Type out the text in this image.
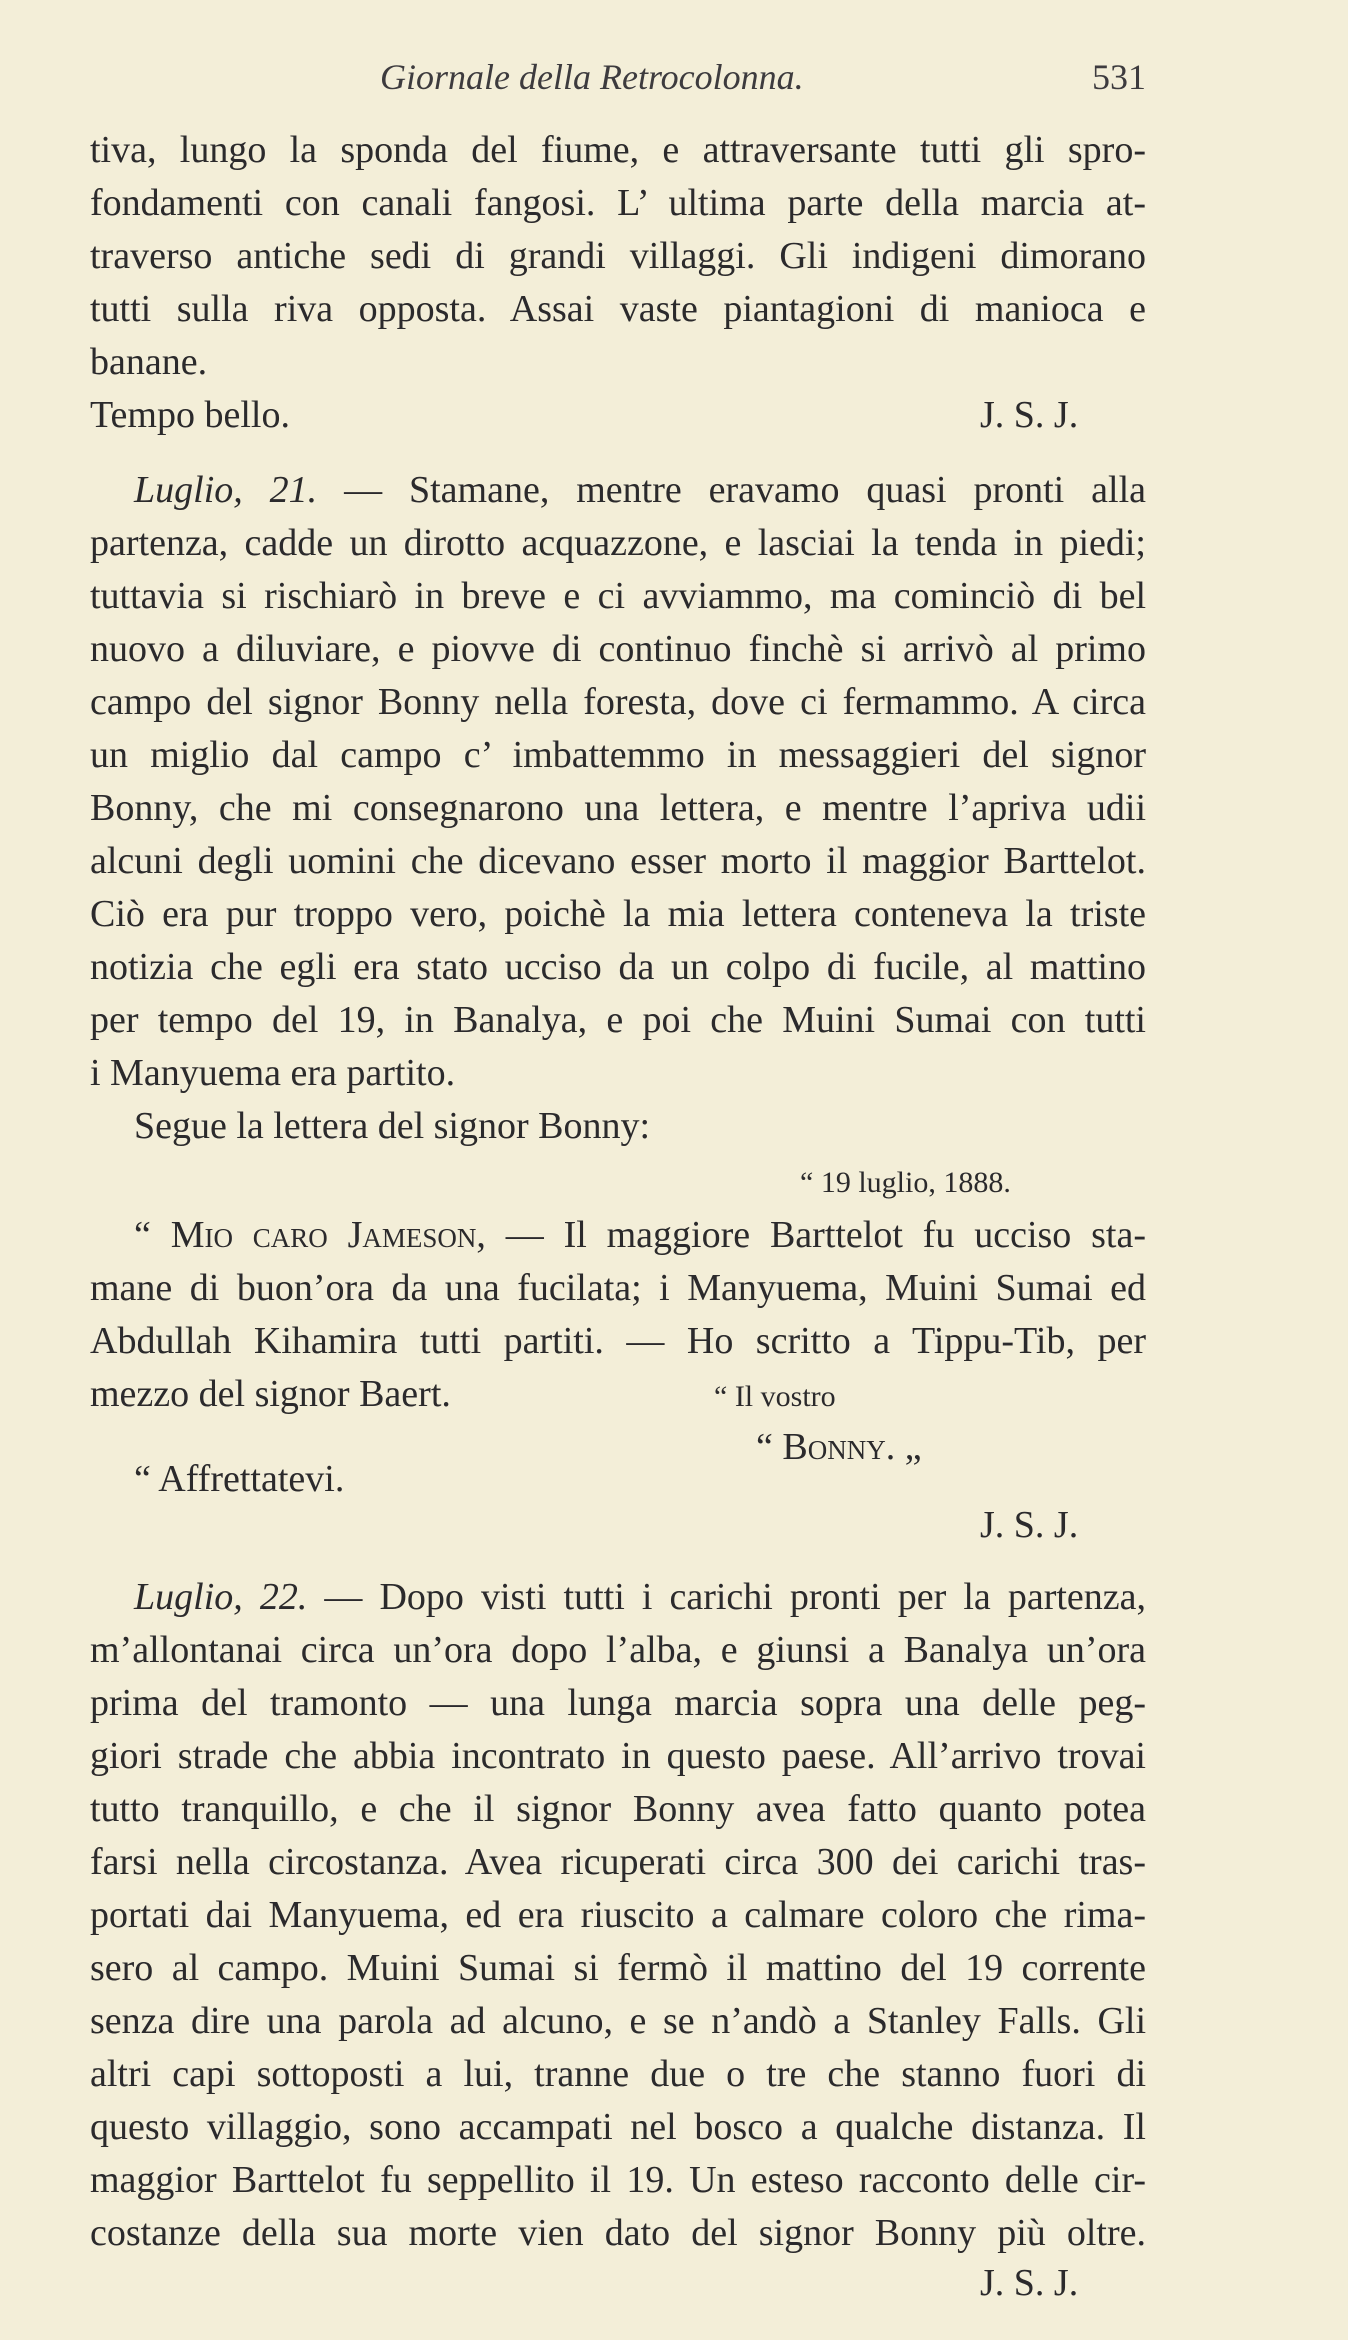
Giornale della Retrocolonna.	531
tiva, lungo la sponda del fiume, e attraversante tutti gli spro-
fondamenti con canali fangosi. L’ ultima parte della marcia at-
traverso antiche sedi di grandi villaggi. Gli indigeni dimorano
tutti sulla riva opposta. Assai vaste piantagioni di manioca e
banane.
Tempo bello.	J. S. J.
Luglio, 21. — Stamane, mentre eravamo quasi pronti alla
partenza, cadde un dirotto acquazzone, e lasciai la tenda in piedi;
tuttavia si rischiarò in breve e ci avviammo, ma cominciò di bel
nuovo a diluviare, e piovve di continuo finchè si arrivò al primo
campo del signor Bonny nella foresta, dove ci fermammo. A circa
un miglio dal campo c’ imbattemmo in messaggieri del signor
Bonny, che mi consegnarono una lettera, e mentre l’apriva udii
alcuni degli uomini che dicevano esser morto il maggior Barttelot.
Ciò era pur troppo vero, poichè la mia lettera conteneva la triste
notizia che egli era stato ucciso da un colpo di fucile, al mattino
per tempo del 19, in Banalya, e poi che Muini Sumai con tutti
i Manyuema era partito.
Segue la lettera del signor Bonny:
“ 19 luglio, 1888.
“ Mio caro Jameson, — Il maggiore Barttelot fu ucciso sta-
mane di buon’ora da una fucilata; i Manyuema, Muini Sumai ed
Abdullah Kihamira tutti partiti. — Ho scritto a Tippu-Tib, per
mezzo del signor Baert.	“ Il vostro
“ Bonny. „
“ Affrettatevi.
J. S. J.
Luglio, 22. — Dopo visti tutti i carichi pronti per la partenza,
m’allontanai circa un’ora dopo l’alba, e giunsi a Banalya un’ora
prima del tramonto — una lunga marcia sopra una delle peg-
giori strade che abbia incontrato in questo paese. All’arrivo trovai
tutto tranquillo, e che il signor Bonny avea fatto quanto potea
farsi nella circostanza. Avea ricuperati circa 300 dei carichi tras-
portati dai Manyuema, ed era riuscito a calmare coloro che rima-
sero al campo. Muini Sumai si fermò il mattino del 19 corrente
senza dire una parola ad alcuno, e se n’andò a Stanley Falls. Gli
altri capi sottoposti a lui, tranne due o tre che stanno fuori di
questo villaggio, sono accampati nel bosco a qualche distanza. Il
maggior Barttelot fu seppellito il 19. Un esteso racconto delle cir-
costanze della sua morte vien dato del signor Bonny più oltre.
J. S. J.
